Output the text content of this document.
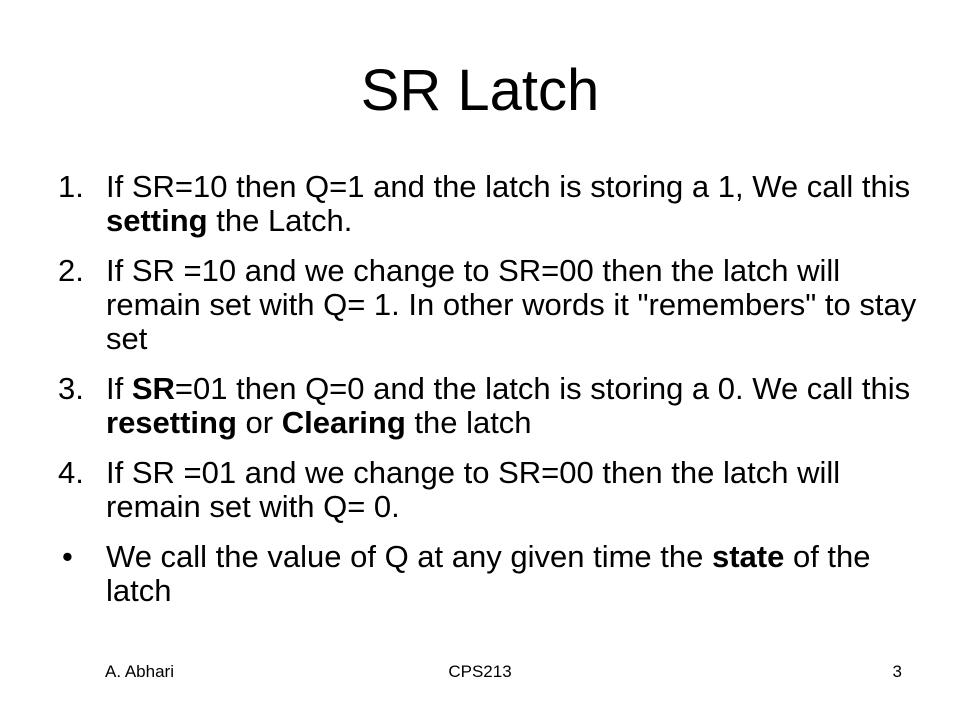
SR Latch
1. If SR=10 then Q=1 and the latch is storing a 1, We call this setting the Latch.
2. If SR =10 and we change to SR=00 then the latch will remain set with Q= 1. In other words it "remembers" to stay set
3. If SR=01 then Q=0 and the latch is storing a 0. We call this resetting or Clearing the latch
4. If SR =01 and we change to SR=00 then the latch will remain set with Q= 0.
•	We call the value of Q at any given time the state of the latch
A. Abhari	CPS213	3
